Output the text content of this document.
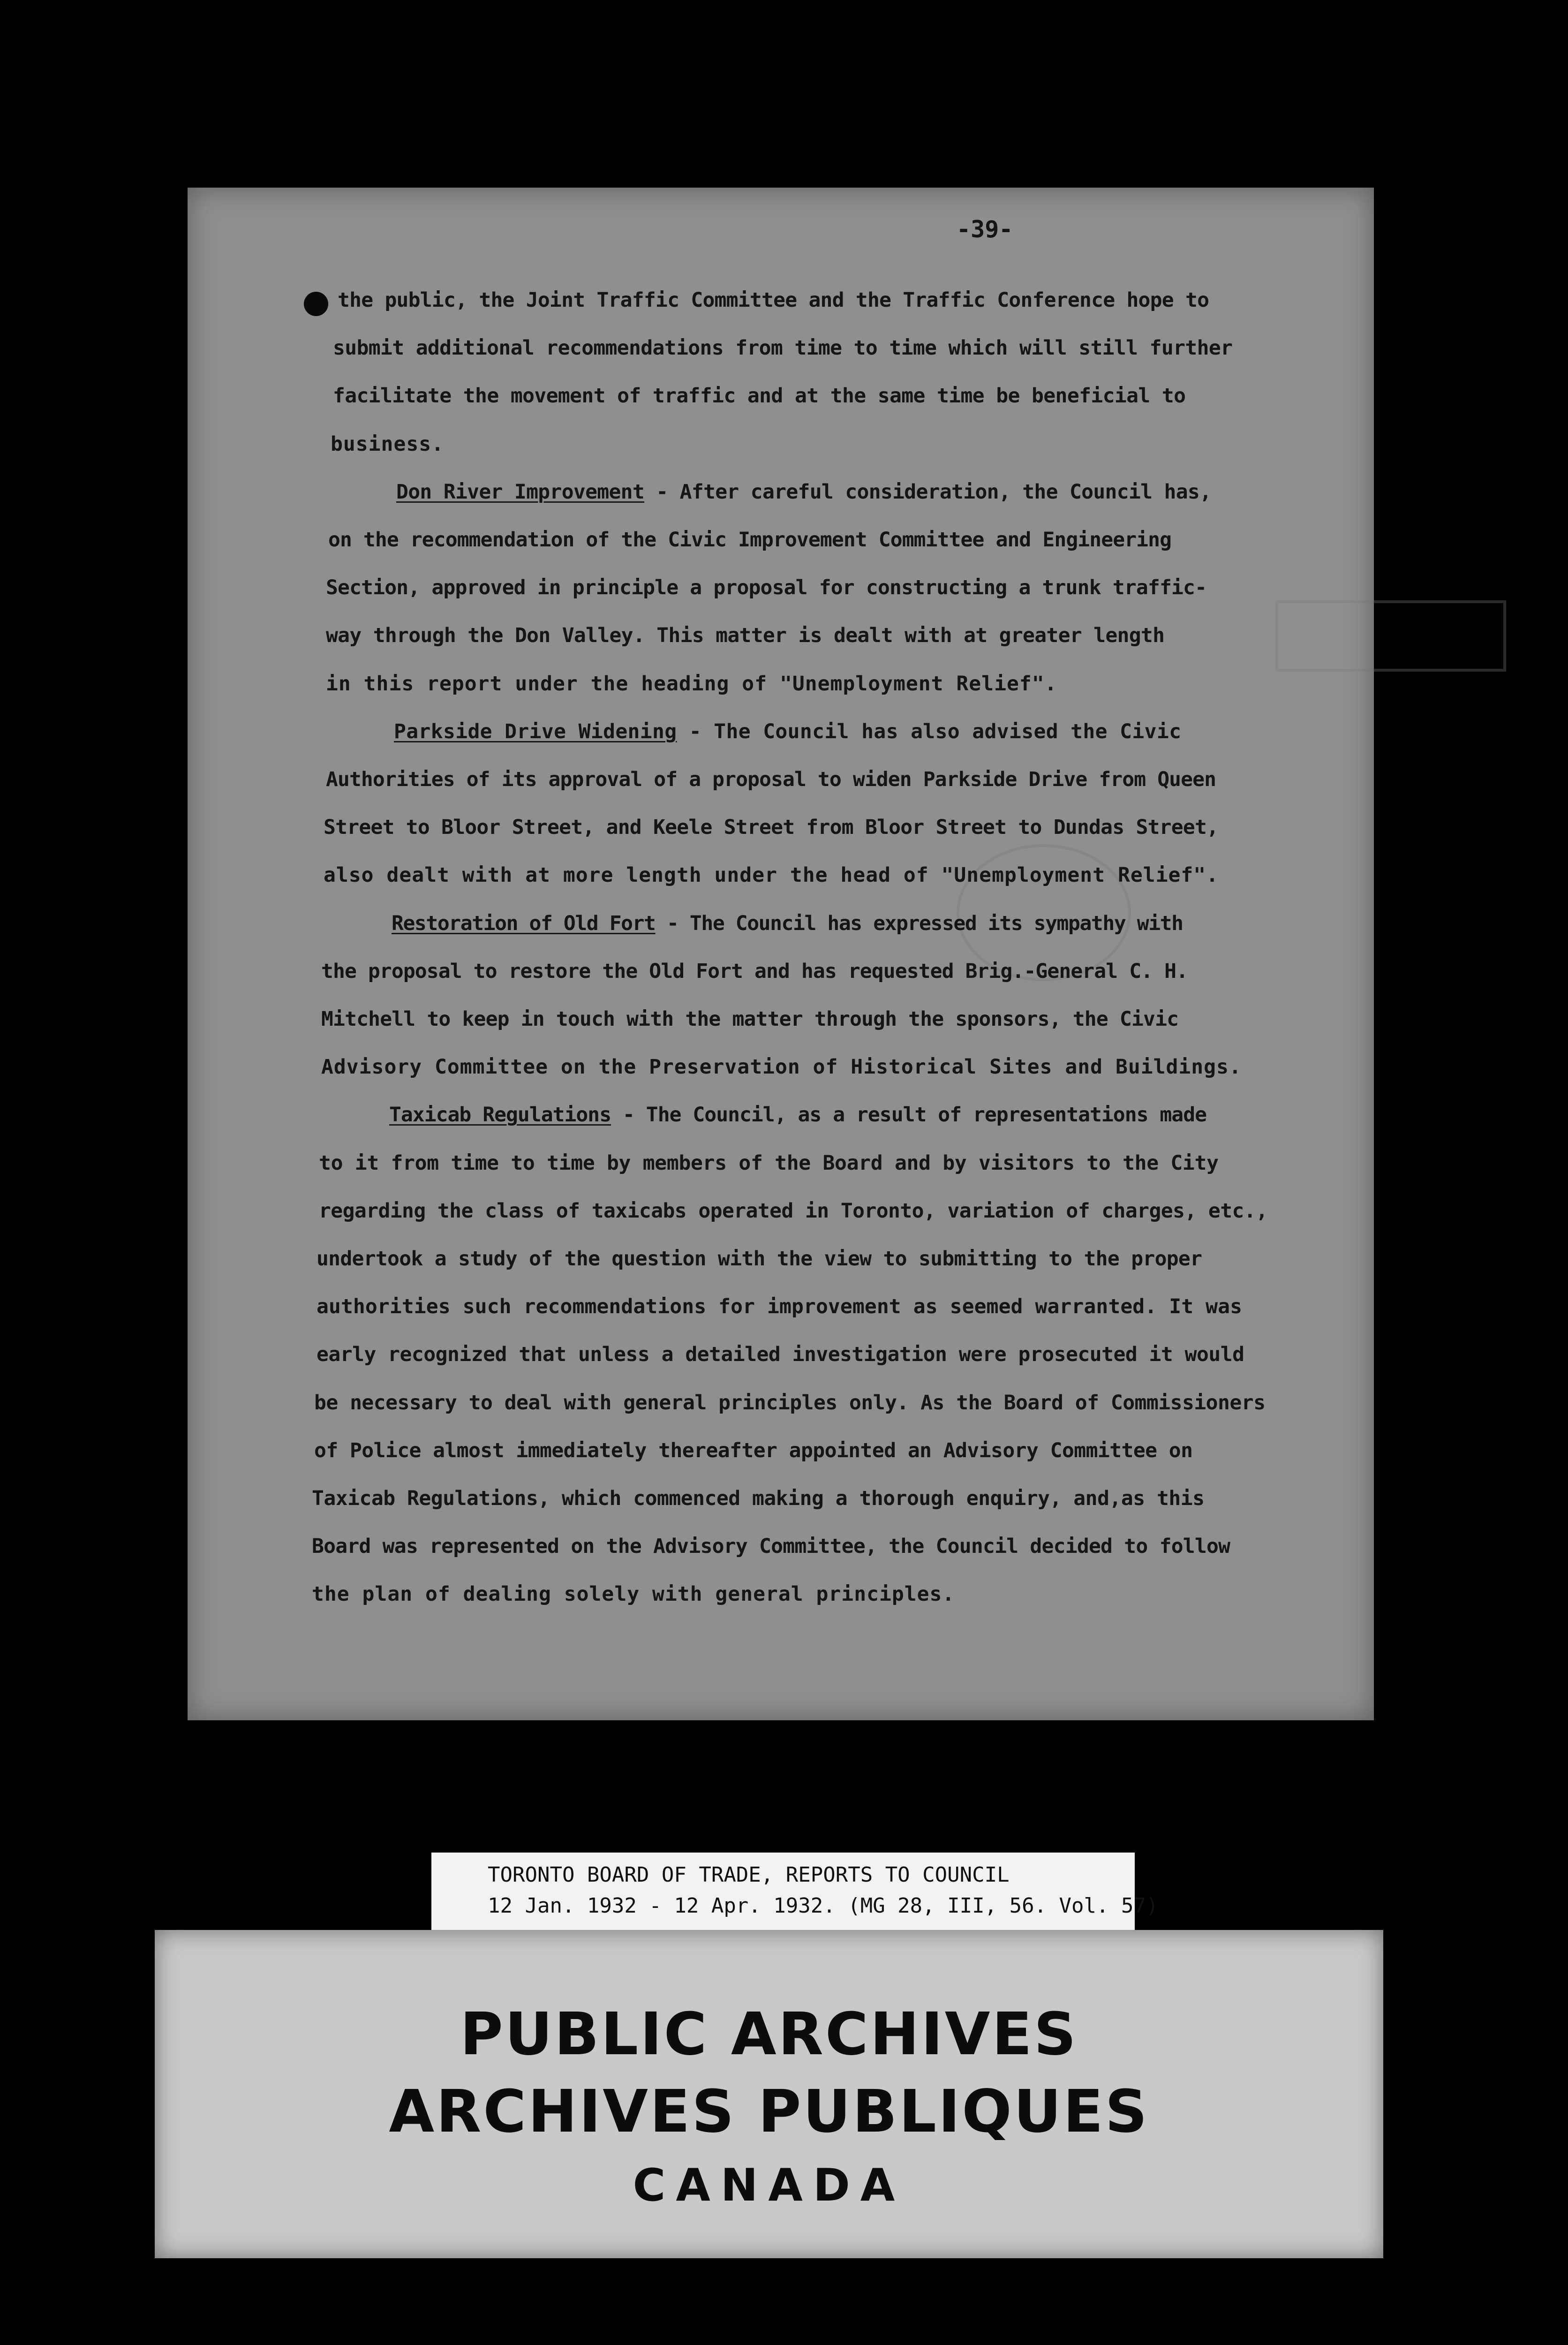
-39-
the public, the Joint Traffic Committee and the Traffic Conference hope to
submit additional recommendations from time to time which will still further
facilitate the movement of traffic and at the same time be beneficial to
business.
Don River Improvement - After careful consideration, the Council has,
on the recommendation of the Civic Improvement Committee and Engineering
Section, approved in principle a proposal for constructing a trunk traffic-
way through the Don Valley. This matter is dealt with at greater length
in this report under the heading of "Unemployment Relief".
Parkside Drive Widening - The Council has also advised the Civic
Authorities of its approval of a proposal to widen Parkside Drive from Queen
Street to Bloor Street, and Keele Street from Bloor Street to Dundas Street,
also dealt with at more length under the head of "Unemployment Relief".
Restoration of Old Fort - The Council has expressed its sympathy with
the proposal to restore the Old Fort and has requested Brig.-General C. H.
Mitchell to keep in touch with the matter through the sponsors, the Civic
Advisory Committee on the Preservation of Historical Sites and Buildings.
Taxicab Regulations - The Council, as a result of representations made
to it from time to time by members of the Board and by visitors to the City
regarding the class of taxicabs operated in Toronto, variation of charges, etc.,
undertook a study of the question with the view to submitting to the proper
authorities such recommendations for improvement as seemed warranted. It was
early recognized that unless a detailed investigation were prosecuted it would
be necessary to deal with general principles only. As the Board of Commissioners
of Police almost immediately thereafter appointed an Advisory Committee on
Taxicab Regulations, which commenced making a thorough enquiry, and,as this
Board was represented on the Advisory Committee, the Council decided to follow
the plan of dealing solely with general principles.
TORONTO BOARD OF TRADE, REPORTS TO COUNCIL
12 Jan. 1932 - 12 Apr. 1932. (MG 28, III, 56. Vol. 57)
PUBLIC ARCHIVES
ARCHIVES PUBLIQUES
CANADA
